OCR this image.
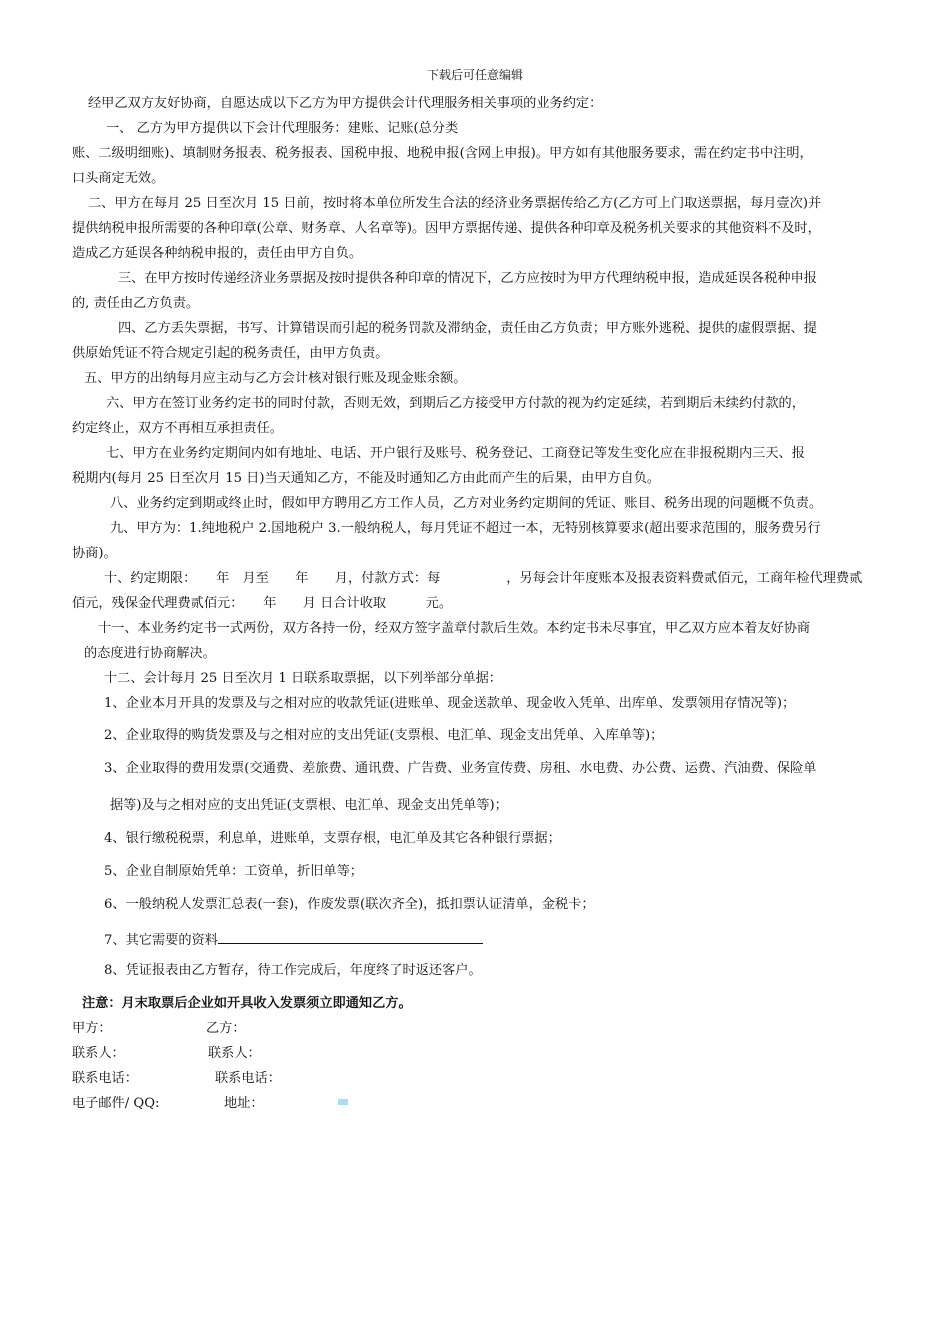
下载后可任意编辑
经甲乙双方友好协商，自愿达成以下乙方为甲方提供会计代理服务相关事项的业务约定：
一、 乙方为甲方提供以下会计代理服务：建账、记账(总分类
账、二级明细账)、填制财务报表、税务报表、国税申报、地税申报(含网上申报)。甲方如有其他服务要求，需在约定书中注明，
口头商定无效。
二、甲方在每月 25 日至次月 15 日前，按时将本单位所发生合法的经济业务票据传给乙方(乙方可上门取送票据，每月壹次)并
提供纳税申报所需要的各种印章(公章、财务章、人名章等)。因甲方票据传递、提供各种印章及税务机关要求的其他资料不及时，
造成乙方延误各种纳税申报的，责任由甲方自负。
三、在甲方按时传递经济业务票据及按时提供各种印章的情况下，乙方应按时为甲方代理纳税申报，造成延误各税种申报
的, 责任由乙方负责。
四、乙方丢失票据，书写、计算错误而引起的税务罚款及滞纳金，责任由乙方负责；甲方账外逃税、提供的虚假票据、提
供原始凭证不符合规定引起的税务责任，由甲方负责。
五、甲方的出纳每月应主动与乙方会计核对银行账及现金账余额。
六、甲方在签订业务约定书的同时付款，否则无效，到期后乙方接受甲方付款的视为约定延续，若到期后未续约付款的，
约定终止，双方不再相互承担责任。
七、甲方在业务约定期间内如有地址、电话、开户银行及账号、税务登记、工商登记等发生变化应在非报税期内三天、报
税期内(每月 25 日至次月 15 日)当天通知乙方，不能及时通知乙方由此而产生的后果，由甲方自负。
八、业务约定到期或终止时，假如甲方聘用乙方工作人员，乙方对业务约定期间的凭证、账目、税务出现的问题概不负责。
九、甲方为：1.纯地税户 2.国地税户 3.一般纳税人，每月凭证不超过一本，无特别核算要求(超出要求范围的，服务费另行
协商)。
十、约定期限：　　年　月至　　年　　月，付款方式：每　　　　　，另每会计年度账本及报表资料费贰佰元，工商年检代理费贰
佰元，残保金代理费贰佰元：　　年　　月 日合计收取　　　元。
十一、本业务约定书一式两份，双方各持一份，经双方签字盖章付款后生效。本约定书未尽事宜，甲乙双方应本着友好协商
的态度进行协商解决。
十二、会计每月 25 日至次月 1 日联系取票据，以下列举部分单据：
1、企业本月开具的发票及与之相对应的收款凭证(进账单、现金送款单、现金收入凭单、出库单、发票领用存情况等)；
2、企业取得的购货发票及与之相对应的支出凭证(支票根、电汇单、现金支出凭单、入库单等)；
3、企业取得的费用发票(交通费、差旅费、通讯费、广告费、业务宣传费、房租、水电费、办公费、运费、汽油费、保险单
据等)及与之相对应的支出凭证(支票根、电汇单、现金支出凭单等)；
4、银行缴税税票，利息单，进账单，支票存根，电汇单及其它各种银行票据；
5、企业自制原始凭单：工资单，折旧单等；
6、一般纳税人发票汇总表(一套)，作废发票(联次齐全)，抵扣票认证清单，金税卡；
7、其它需要的资料
8、凭证报表由乙方暂存，待工作完成后，年度终了时返还客户。
注意：月末取票后企业如开具收入发票须立即通知乙方。
甲方：	乙方：
联系人：	联系人：
联系电话：	联系电话：
电子邮件/ QQ:	地址：
